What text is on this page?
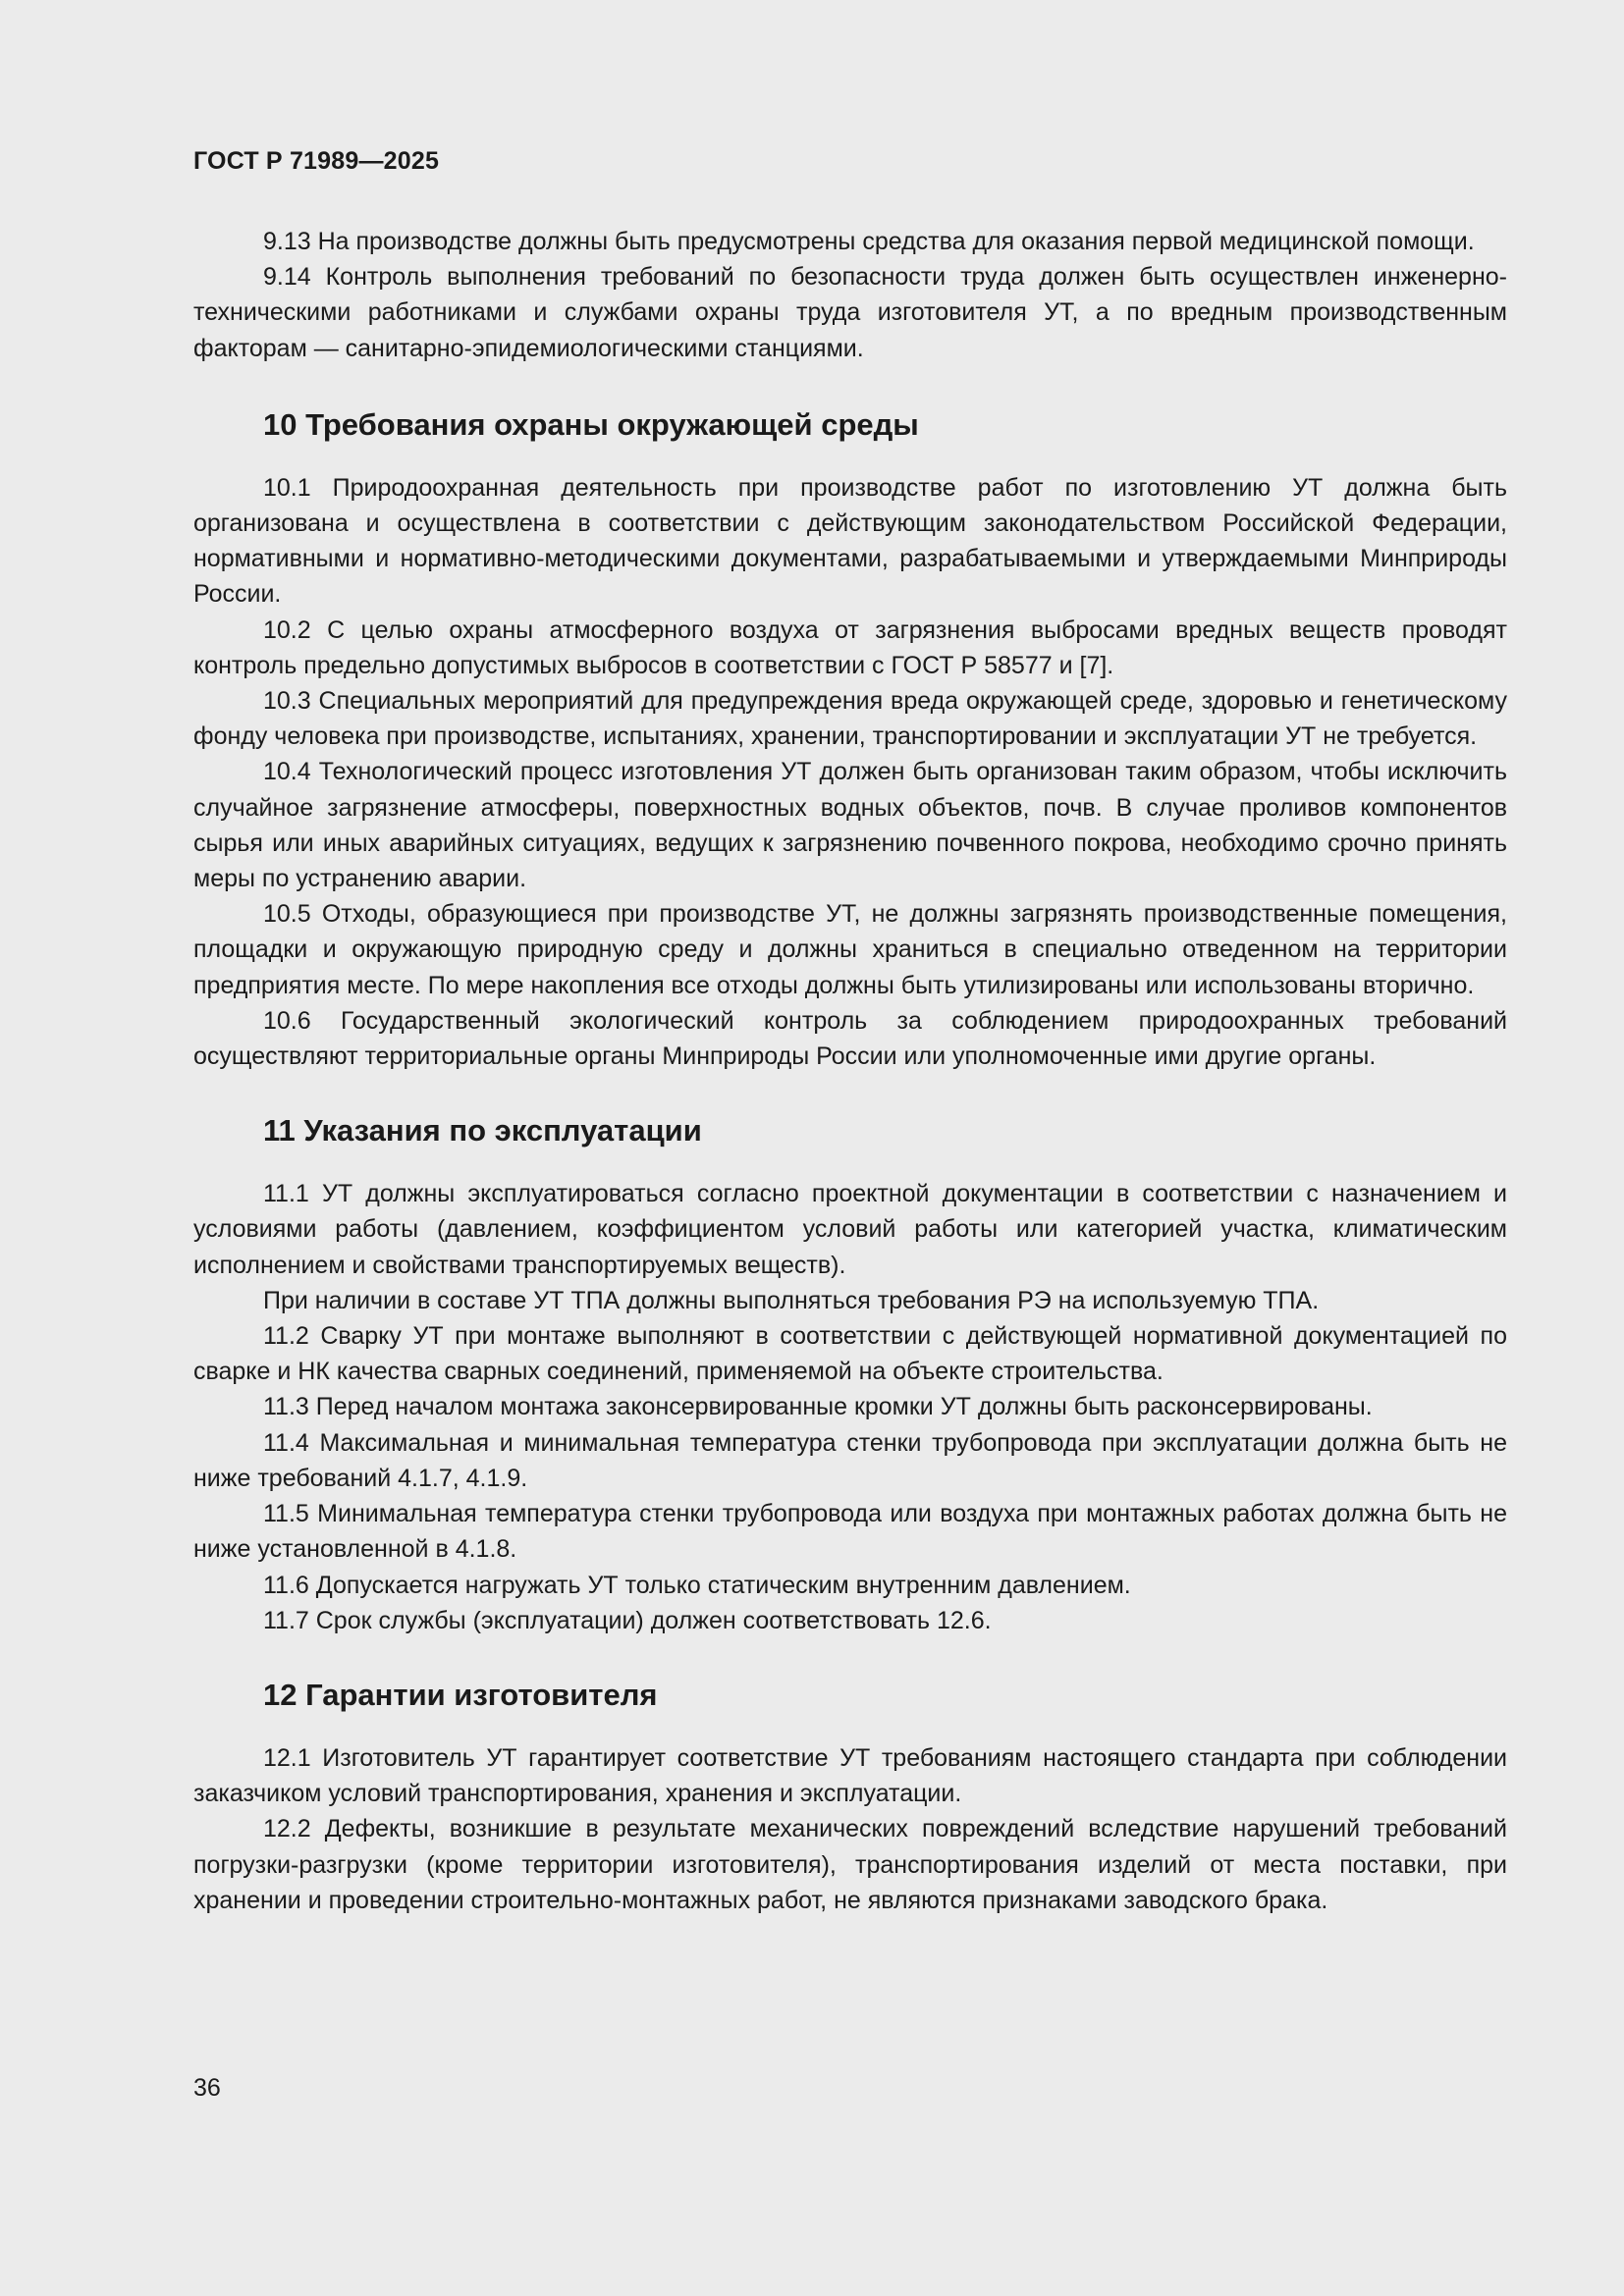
ГОСТ Р 71989—2025

9.13 На производстве должны быть предусмотрены средства для оказания первой медицинской помощи.

9.14 Контроль выполнения требований по безопасности труда должен быть осуществлен инженерно-техническими работниками и службами охраны труда изготовителя УТ, а по вредным производственным факторам — санитарно-эпидемиологическими станциями.

10 Требования охраны окружающей среды

10.1 Природоохранная деятельность при производстве работ по изготовлению УТ должна быть организована и осуществлена в соответствии с действующим законодательством Российской Федерации, нормативными и нормативно-методическими документами, разрабатываемыми и утверждаемыми Минприроды России.

10.2 С целью охраны атмосферного воздуха от загрязнения выбросами вредных веществ проводят контроль предельно допустимых выбросов в соответствии с ГОСТ Р 58577 и [7].

10.3 Специальных мероприятий для предупреждения вреда окружающей среде, здоровью и генетическому фонду человека при производстве, испытаниях, хранении, транспортировании и эксплуатации УТ не требуется.

10.4 Технологический процесс изготовления УТ должен быть организован таким образом, чтобы исключить случайное загрязнение атмосферы, поверхностных водных объектов, почв. В случае проливов компонентов сырья или иных аварийных ситуациях, ведущих к загрязнению почвенного покрова, необходимо срочно принять меры по устранению аварии.

10.5 Отходы, образующиеся при производстве УТ, не должны загрязнять производственные помещения, площадки и окружающую природную среду и должны храниться в специально отведенном на территории предприятия месте. По мере накопления все отходы должны быть утилизированы или использованы вторично.

10.6 Государственный экологический контроль за соблюдением природоохранных требований осуществляют территориальные органы Минприроды России или уполномоченные ими другие органы.

11 Указания по эксплуатации

11.1 УТ должны эксплуатироваться согласно проектной документации в соответствии с назначением и условиями работы (давлением, коэффициентом условий работы или категорией участка, климатическим исполнением и свойствами транспортируемых веществ).

При наличии в составе УТ ТПА должны выполняться требования РЭ на используемую ТПА.

11.2 Сварку УТ при монтаже выполняют в соответствии с действующей нормативной документацией по сварке и НК качества сварных соединений, применяемой на объекте строительства.

11.3 Перед началом монтажа законсервированные кромки УТ должны быть расконсервированы.

11.4 Максимальная и минимальная температура стенки трубопровода при эксплуатации должна быть не ниже требований 4.1.7, 4.1.9.

11.5 Минимальная температура стенки трубопровода или воздуха при монтажных работах должна быть не ниже установленной в 4.1.8.

11.6 Допускается нагружать УТ только статическим внутренним давлением.

11.7 Срок службы (эксплуатации) должен соответствовать 12.6.

12 Гарантии изготовителя

12.1 Изготовитель УТ гарантирует соответствие УТ требованиям настоящего стандарта при соблюдении заказчиком условий транспортирования, хранения и эксплуатации.

12.2 Дефекты, возникшие в результате механических повреждений вследствие нарушений требований погрузки-разгрузки (кроме территории изготовителя), транспортирования изделий от места поставки, при хранении и проведении строительно-монтажных работ, не являются признаками заводского брака.

36
